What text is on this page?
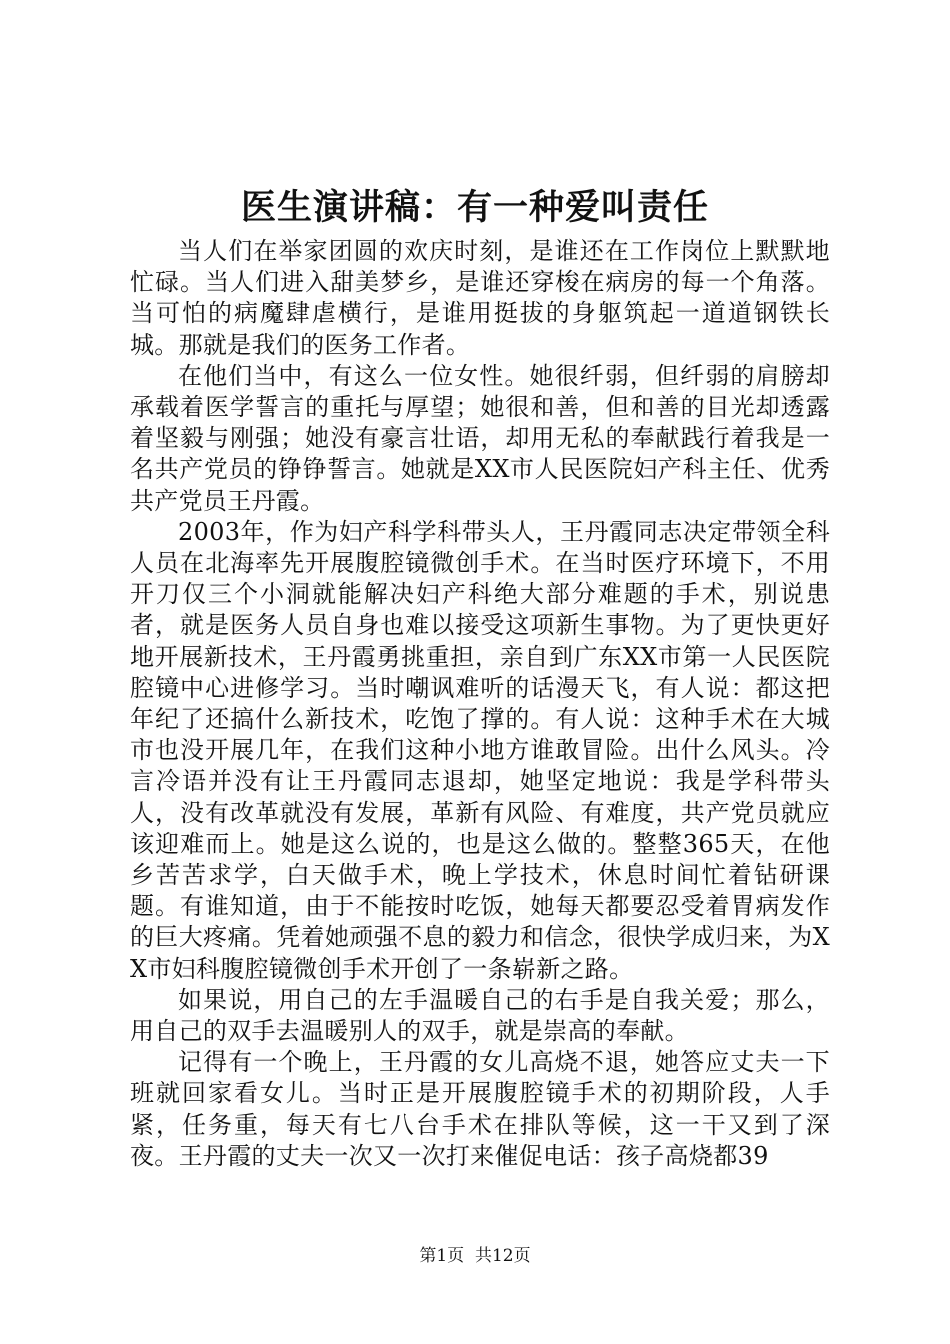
医生演讲稿：有一种爱叫责任

当人们在举家团圆的欢庆时刻，是谁还在工作岗位上默默地忙碌。当人们进入甜美梦乡，是谁还穿梭在病房的每一个角落。当可怕的病魔肆虐横行，是谁用挺拔的身躯筑起一道道钢铁长城。那就是我们的医务工作者。

在他们当中，有这么一位女性。她很纤弱，但纤弱的肩膀却承载着医学誓言的重托与厚望；她很和善，但和善的目光却透露着坚毅与刚强；她没有豪言壮语，却用无私的奉献践行着我是一名共产党员的铮铮誓言。她就是XX市人民医院妇产科主任、优秀共产党员王丹霞。

2003年，作为妇产科学科带头人，王丹霞同志决定带领全科人员在北海率先开展腹腔镜微创手术。在当时医疗环境下，不用开刀仅三个小洞就能解决妇产科绝大部分难题的手术，别说患者，就是医务人员自身也难以接受这项新生事物。为了更快更好地开展新技术，王丹霞勇挑重担，亲自到广东XX市第一人民医院腔镜中心进修学习。当时嘲讽难听的话漫天飞，有人说：都这把年纪了还搞什么新技术，吃饱了撑的。有人说：这种手术在大城市也没开展几年，在我们这种小地方谁敢冒险。出什么风头。冷言冷语并没有让王丹霞同志退却，她坚定地说：我是学科带头人，没有改革就没有发展，革新有风险、有难度，共产党员就应该迎难而上。她是这么说的，也是这么做的。整整365天，在他乡苦苦求学，白天做手术，晚上学技术，休息时间忙着钻研课题。有谁知道，由于不能按时吃饭，她每天都要忍受着胃病发作的巨大疼痛。凭着她顽强不息的毅力和信念，很快学成归来，为XX市妇科腹腔镜微创手术开创了一条崭新之路。

如果说，用自己的左手温暖自己的右手是自我关爱；那么，用自己的双手去温暖别人的双手，就是崇高的奉献。

记得有一个晚上，王丹霞的女儿高烧不退，她答应丈夫一下班就回家看女儿。当时正是开展腹腔镜手术的初期阶段，人手紧，任务重，每天有七八台手术在排队等候，这一干又到了深夜。王丹霞的丈夫一次又一次打来催促电话：孩子高烧都39

第1页  共12页
